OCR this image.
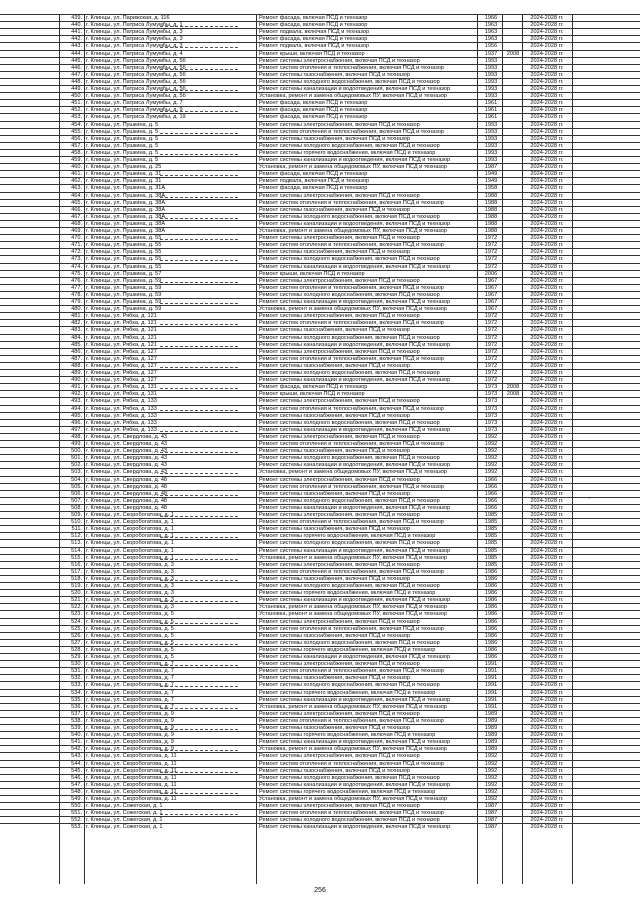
439. г. Клинцы, ул. Парижская, д. 116	Ремонт фасада, включая ПСД и техназор	1966	2024-2028 гг.
440. г. Клинцы, ул. Патриса Лумумбы, д. 1	Ремонт фасада, включая ПСД и техназор	1963	2024-2028 гг.
441. г. Клинцы, ул. Патриса Лумумбы, д. 3	Ремонт подвала, включая ПСД и техназор	1963	2024-2028 гг.
442. г. Клинцы, ул. Патриса Лумумбы, д. 3	Ремонт фасада, включая ПСД и техназор	1963	2024-2028 гг.
443. г. Клинцы, ул. Патриса Лумумбы, д. 3	Ремонт подвала, включая ПСД и техназор	1956	2024-2028 гг.
444. г. Клинцы, ул. Патриса Лумумбы, д. 4	Ремонт крыши, включая ПСД и техназор	1937	2008	2024-2028 гг.
445. г. Клинцы, ул. Патриса Лумумбы, д. 5б	Ремонт системы электроснабжения, включая ПСД и техназор	1993	2024-2028 гг.
446. г. Клинцы, ул. Патриса Лумумбы, д. 5б	Ремонт систем отопления и теплоснабжения, включая ПСД и техназор	1993	2024-2028 гг.
447. г. Клинцы, ул. Патриса Лумумбы, д. 5б	Ремонт системы газоснабжения, включая ПСД и техназор	1993	2024-2028 гг.
448. г. Клинцы, ул. Патриса Лумумбы, д. 5б	Ремонт системы холодного водоснабжения, включая ПСД и техназор	1993	2024-2028 гг.
449. г. Клинцы, ул. Патриса Лумумбы, д. 5б	Ремонт системы канализации и водоотведения, включая ПСД и техназор	1993	2024-2028 гг.
450. г. Клинцы, ул. Патриса Лумумбы, д. 5б	Установка, ремонт и замена общедомовых ПУ, включая ПСД и техназор	1993	2024-2028 гг.
451. г. Клинцы, ул. Патриса Лумумбы, д. 7	Ремонт фасада, включая ПСД и техназор	1961	2024-2028 гг.
452. г. Клинцы, ул. Патриса Лумумбы, д. 9	Ремонт фасада, включая ПСД и техназор	1961	2024-2028 гг.
453. г. Клинцы, ул. Патриса Лумумбы, д. 19	Ремонт фасада, включая ПСД и техназор	1961	2024-2028 гг.
454. г. Клинцы, ул. Пушкина, д. 5	Ремонт системы электроснабжения, включая ПСД и техназор	1993	2024-2028 гг.
455. г. Клинцы, ул. Пушкина, д. 5	Ремонт систем отопления и теплоснабжения, включая ПСД и техназор	1993	2024-2028 гг.
456. г. Клинцы, ул. Пушкина, д. 5	Ремонт системы газоснабжения, включая ПСД и техназор	1993	2024-2028 гг.
457. г. Клинцы, ул. Пушкина, д. 5	Ремонт системы холодного водоснабжения, включая ПСД и техназор	1993	2024-2028 гг.
458. г. Клинцы, ул. Пушкина, д. 5	Ремонт системы горячего водоснабжения, включая ПСД и техназор	1993	2024-2028 гг.
459. г. Клинцы, ул. Пушкина, д. 5	Ремонт системы канализации и водоотведения, включая ПСД и техназор	1993	2024-2028 гг.
460. г. Клинцы, ул. Пушкина, д. 25	Установка, ремонт и замена общедомовых ПУ, включая ПСД и техназор	1987	2024-2028 гг.
461. г. Клинцы, ул. Пушкина, д. 31	Ремонт фасада, включая ПСД и техназор	1949	2024-2028 гг.
462. г. Клинцы, ул. Пушкина, д. 31	Ремонт подвала, включая ПСД и техназор	1949	2024-2028 гг.
463. г. Клинцы, ул. Пушкина, д. 31А	Ремонт фасада, включая ПСД и техназор	1958	2024-2028 гг.
464. г. Клинцы, ул. Пушкина, д. 38А	Ремонт системы электроснабжения, включая ПСД и техназор	1988	2024-2028 гг.
465. г. Клинцы, ул. Пушкина, д. 38А	Ремонт систем отопления и теплоснабжения, включая ПСД и техназор	1988	2024-2028 гг.
466. г. Клинцы, ул. Пушкина, д. 38А	Ремонт системы газоснабжения, включая ПСД и техназор	1988	2024-2028 гг.
467. г. Клинцы, ул. Пушкина, д. 38А	Ремонт системы холодного водоснабжения, включая ПСД и техназор	1988	2024-2028 гг.
468. г. Клинцы, ул. Пушкина, д. 38А	Ремонт системы канализации и водоотведения, включая ПСД и техназор	1988	2024-2028 гг.
469. г. Клинцы, ул. Пушкина, д. 38А	Установка, ремонт и замена общедомовых ПУ, включая ПСД и техназор	1988	2024-2028 гг.
470. г. Клинцы, ул. Пушкина, д. 55	Ремонт системы электроснабжения, включая ПСД и техназор	1972	2024-2028 гг.
471. г. Клинцы, ул. Пушкина, д. 55	Ремонт систем отопления и теплоснабжения, включая ПСД и техназор	1972	2024-2028 гг.
472. г. Клинцы, ул. Пушкина, д. 55	Ремонт системы газоснабжения, включая ПСД и техназор	1972	2024-2028 гг.
473. г. Клинцы, ул. Пушкина, д. 55	Ремонт системы холодного водоснабжения, включая ПСД и техназор	1972	2024-2028 гг.
474. г. Клинцы, ул. Пушкина, д. 55	Ремонт системы канализации и водоотведения, включая ПСД и техназор	1972	2024-2028 гг.
475. г. Клинцы, ул. Пушкина, д. 57	Ремонт крыши, включая ПСД и техназор	2006	2024-2028 гг.
476. г. Клинцы, ул. Пушкина, д. 59	Ремонт системы электроснабжения, включая ПСД и техназор	1967	2024-2028 гг.
477. г. Клинцы, ул. Пушкина, д. 59	Ремонт систем отопления и теплоснабжения, включая ПСД и техназор	1967	2024-2028 гг.
478. г. Клинцы, ул. Пушкина, д. 59	Ремонт системы холодного водоснабжения, включая ПСД и техназор	1967	2024-2028 гг.
479. г. Клинцы, ул. Пушкина, д. 59	Ремонт системы канализации и водоотведения, включая ПСД и техназор	1967	2024-2028 гг.
480. г. Клинцы, ул. Пушкина, д. 59	Установка, ремонт и замена общедомовых ПУ, включая ПСД и техназор	1967	2024-2028 гг.
481. г. Клинцы, ул. Рябка, д. 121	Ремонт системы электроснабжения, включая ПСД и техназор	1972	2024-2028 гг.
482. г. Клинцы, ул. Рябка, д. 121	Ремонт систем отопления и теплоснабжения, включая ПСД и техназор	1972	2024-2028 гг.
483. г. Клинцы, ул. Рябка, д. 121	Ремонт системы газоснабжения, включая ПСД и техназор	1972	2024-2028 гг.
484. г. Клинцы, ул. Рябка, д. 121	Ремонт системы холодного водоснабжения, включая ПСД и техназор	1972	2024-2028 гг.
485. г. Клинцы, ул. Рябка, д. 121	Ремонт системы канализации и водоотведения, включая ПСД и техназор	1972	2024-2028 гг.
486. г. Клинцы, ул. Рябка, д. 127	Ремонт системы электроснабжения, включая ПСД и техназор	1972	2024-2028 гг.
487. г. Клинцы, ул. Рябка, д. 127	Ремонт систем отопления и теплоснабжения, включая ПСД и техназор	1972	2024-2028 гг.
488. г. Клинцы, ул. Рябка, д. 127	Ремонт системы газоснабжения, включая ПСД и техназор	1972	2024-2028 гг.
489. г. Клинцы, ул. Рябка, д. 127	Ремонт системы холодного водоснабжения, включая ПСД и техназор	1972	2024-2028 гг.
490. г. Клинцы, ул. Рябка, д. 127	Ремонт системы канализации и водоотведения, включая ПСД и техназор	1972	2024-2028 гг.
491. г. Клинцы, ул. Рябка, д. 131	Ремонт фасада, включая ПСД и техназор	1973	2008	2024-2028 гг.
492. г. Клинцы, ул. Рябка, д. 131	Ремонт крыши, включая ПСД и техназор	1973	2008	2024-2028 гг.
493. г. Клинцы, ул. Рябка, д. 133	Ремонт системы электроснабжения, включая ПСД и техназор	1973	2024-2028 гг.
494. г. Клинцы, ул. Рябка, д. 133	Ремонт систем отопления и теплоснабжения, включая ПСД и техназор	1973	2024-2028 гг.
495. г. Клинцы, ул. Рябка, д. 133	Ремонт системы газоснабжения, включая ПСД и техназор	1973	2024-2028 гг.
496. г. Клинцы, ул. Рябка, д. 133	Ремонт системы холодного водоснабжения, включая ПСД и техназор	1973	2024-2028 гг.
497. г. Клинцы, ул. Рябка, д. 133	Ремонт системы канализации и водоотведения, включая ПСД и техназор	1973	2024-2028 гг.
498. г. Клинцы, ул. Свердлова, д. 43	Ремонт системы электроснабжения, включая ПСД и техназор	1992	2024-2028 гг.
499. г. Клинцы, ул. Свердлова, д. 43	Ремонт систем отопления и теплоснабжения, включая ПСД и техназор	1992	2024-2028 гг.
500. г. Клинцы, ул. Свердлова, д. 43	Ремонт системы газоснабжения, включая ПСД и техназор	1992	2024-2028 гг.
501. г. Клинцы, ул. Свердлова, д. 43	Ремонт системы холодного водоснабжения, включая ПСД и техназор	1992	2024-2028 гг.
502. г. Клинцы, ул. Свердлова, д. 43	Ремонт системы канализации и водоотведения, включая ПСД и техназор	1992	2024-2028 гг.
503. г. Клинцы, ул. Свердлова, д. 43	Установка, ремонт и замена общедомовых ПУ, включая ПСД и техназор	1992	2024-2028 гг.
504. г. Клинцы, ул. Свердлова, д. 48	Ремонт системы электроснабжения, включая ПСД и техназор	1966	2024-2028 гг.
505. г. Клинцы, ул. Свердлова, д. 48	Ремонт систем отопления и теплоснабжения, включая ПСД и техназор	1966	2024-2028 гг.
506. г. Клинцы, ул. Свердлова, д. 48	Ремонт системы газоснабжения, включая ПСД и техназор	1966	2024-2028 гг.
507. г. Клинцы, ул. Свердлова, д. 48	Ремонт системы холодного водоснабжения, включая ПСД и техназор	1966	2024-2028 гг.
508. г. Клинцы, ул. Свердлова, д. 48	Ремонт системы канализации и водоотведения, включая ПСД и техназор	1966	2024-2028 гг.
509. г. Клинцы, ул. Скоробогатова, д. 1	Ремонт системы электроснабжения, включая ПСД и техназор	1985	2024-2028 гг.
510. г. Клинцы, ул. Скоробогатова, д. 1	Ремонт систем отопления и теплоснабжения, включая ПСД и техназор	1985	2024-2028 гг.
511. г. Клинцы, ул. Скоробогатова, д. 1	Ремонт системы газоснабжения, включая ПСД и техназор	1985	2024-2028 гг.
512. г. Клинцы, ул. Скоробогатова, д. 1	Ремонт системы горячего водоснабжения, включая ПСД и техназор	1985	2024-2028 гг.
513. г. Клинцы, ул. Скоробогатова, д. 1	Ремонт системы холодного водоснабжения, включая ПСД и техназор	1985	2024-2028 гг.
514. г. Клинцы, ул. Скоробогатова, д. 1	Ремонт системы канализации и водоотведения, включая ПСД и техназор	1985	2024-2028 гг.
515. г. Клинцы, ул. Скоробогатова, д. 1	Установка, ремонт и замена общедомовых ПУ, включая ПСД и техназор	1985	2024-2028 гг.
516. г. Клинцы, ул. Скоробогатова, д. 3	Ремонт системы электроснабжения, включая ПСД и техназор	1985	2024-2028 гг.
517. г. Клинцы, ул. Скоробогатова, д. 3	Ремонт систем отопления и теплоснабжения, включая ПСД и техназор	1986	2024-2028 гг.
518. г. Клинцы, ул. Скоробогатова, д. 3	Ремонт системы газоснабжения, включая ПСД и техназор	1986	2024-2028 гг.
519. г. Клинцы, ул. Скоробогатова, д. 3	Ремонт системы холодного водоснабжения, включая ПСД и техназор	1986	2024-2028 гг.
520. г. Клинцы, ул. Скоробогатова, д. 3	Ремонт системы горячего водоснабжения, включая ПСД и техназор	1986	2024-2028 гг.
521. г. Клинцы, ул. Скоробогатова, д. 3	Ремонт системы канализации и водоотведения, включая ПСД и техназор	1986	2024-2028 гг.
522. г. Клинцы, ул. Скоробогатова, д. 3	Установка, ремонт и замена общедомовых ПУ, включая ПСД и техназор	1986	2024-2028 гг.
523. г. Клинцы, ул. Скоробогатова, д. 5	Установка, ремонт и замена общедомовых ПУ, включая ПСД и техназор	1986	2024-2028 гг.
524. г. Клинцы, ул. Скоробогатова, д. 5	Ремонт системы электроснабжения, включая ПСД и техназор	1986	2024-2028 гг.
525. г. Клинцы, ул. Скоробогатова, д. 5	Ремонт систем отопления и теплоснабжения, включая ПСД и техназор	1986	2024-2028 гг.
526. г. Клинцы, ул. Скоробогатова, д. 5	Ремонт системы газоснабжения, включая ПСД и техназор	1986	2024-2028 гг.
527. г. Клинцы, ул. Скоробогатова, д. 5	Ремонт системы холодного водоснабжения, включая ПСД и техназор	1986	2024-2028 гг.
528. г. Клинцы, ул. Скоробогатова, д. 5	Ремонт системы горячего водоснабжения, включая ПСД и техназор	1986	2024-2028 гг.
529. г. Клинцы, ул. Скоробогатова, д. 5	Ремонт системы канализации и водоотведения, включая ПСД и техназор	1986	2024-2028 гг.
530. г. Клинцы, ул. Скоробогатова, д. 7	Ремонт системы электроснабжения, включая ПСД и техназор	1991	2024-2028 гг.
531. г. Клинцы, ул. Скоробогатова, д. 7	Ремонт систем отопления и теплоснабжения, включая ПСД и техназор	1991	2024-2028 гг.
532. г. Клинцы, ул. Скоробогатова, д. 7	Ремонт системы газоснабжения, включая ПСД и техназор	1991	2024-2028 гг.
533. г. Клинцы, ул. Скоробогатова, д. 7	Ремонт системы холодного водоснабжения, включая ПСД и техназор	1991	2024-2028 гг.
534. г. Клинцы, ул. Скоробогатова, д. 7	Ремонт системы горячего водоснабжения, включая ПСД и техназор	1991	2024-2028 гг.
535. г. Клинцы, ул. Скоробогатова, д. 7	Ремонт системы канализации и водоотведения, включая ПСД и техназор	1991	2024-2028 гг.
536. г. Клинцы, ул. Скоробогатова, д. 7	Установка, ремонт и замена общедомовых ПУ, включая ПСД и техназор	1991	2024-2028 гг.
537. г. Клинцы, ул. Скоробогатова, д. 9	Ремонт системы электроснабжения, включая ПСД и техназор	1989	2024-2028 гг.
538. г. Клинцы, ул. Скоробогатова, д. 9	Ремонт систем отопления и теплоснабжения, включая ПСД и техназор	1989	2024-2028 гг.
539. г. Клинцы, ул. Скоробогатова, д. 9	Ремонт системы газоснабжения, включая ПСД и техназор	1989	2024-2028 гг.
540. г. Клинцы, ул. Скоробогатова, д. 9	Ремонт системы горячего водоснабжения, включая ПСД и техназор	1989	2024-2028 гг.
541. г. Клинцы, ул. Скоробогатова, д. 9	Ремонт системы канализации и водоотведения, включая ПСД и техназор	1989	2024-2028 гг.
542. г. Клинцы, ул. Скоробогатова, д. 9	Установка, ремонт и замена общедомовых ПУ, включая ПСД и техназор	1989	2024-2028 гг.
543. г. Клинцы, ул. Скоробогатова, д. 11	Ремонт системы электроснабжения, включая ПСД и техназор	1992	2024-2028 гг.
544. г. Клинцы, ул. Скоробогатова, д. 11	Ремонт систем отопления и теплоснабжения, включая ПСД и техназор	1992	2024-2028 гг.
545. г. Клинцы, ул. Скоробогатова, д. 11	Ремонт системы газоснабжения, включая ПСД и техназор	1992	2024-2028 гг.
546. г. Клинцы, ул. Скоробогатова, д. 11	Ремонт системы холодного водоснабжения, включая ПСД и техназор	1992	2024-2028 гг.
547. г. Клинцы, ул. Скоробогатова, д. 11	Ремонт системы канализации и водоотведения, включая ПСД и техназор	1992	2024-2028 гг.
548. г. Клинцы, ул. Скоробогатова, д. 11	Ремонт системы горячего водоснабжения, включая ПСД и техназор	1992	2024-2028 гг.
549. г. Клинцы, ул. Скоробогатова, д. 11	Установка, ремонт и замена общедомовых ПУ, включая ПСД и техназор	1992	2024-2028 гг.
550. г. Клинцы, ул. Сожегская, д. 1	Ремонт системы электроснабжения, включая ПСД и техназор	1987	2024-2028 гг.
551. г. Клинцы, ул. Сожегская, д. 1	Ремонт систем отопления и теплоснабжения, включая ПСД и техназор	1987	2024-2028 гг.
552. г. Клинцы, ул. Сожегская, д. 1	Ремонт системы холодного водоснабжения, включая ПСД и техназор	1987	2024-2028 гг.
553. г. Клинцы, ул. Сожегская, д. 1	Ремонт системы канализации и водоотведения, включая ПСД и техназор	1987	2024-2028 гг.
·
256
